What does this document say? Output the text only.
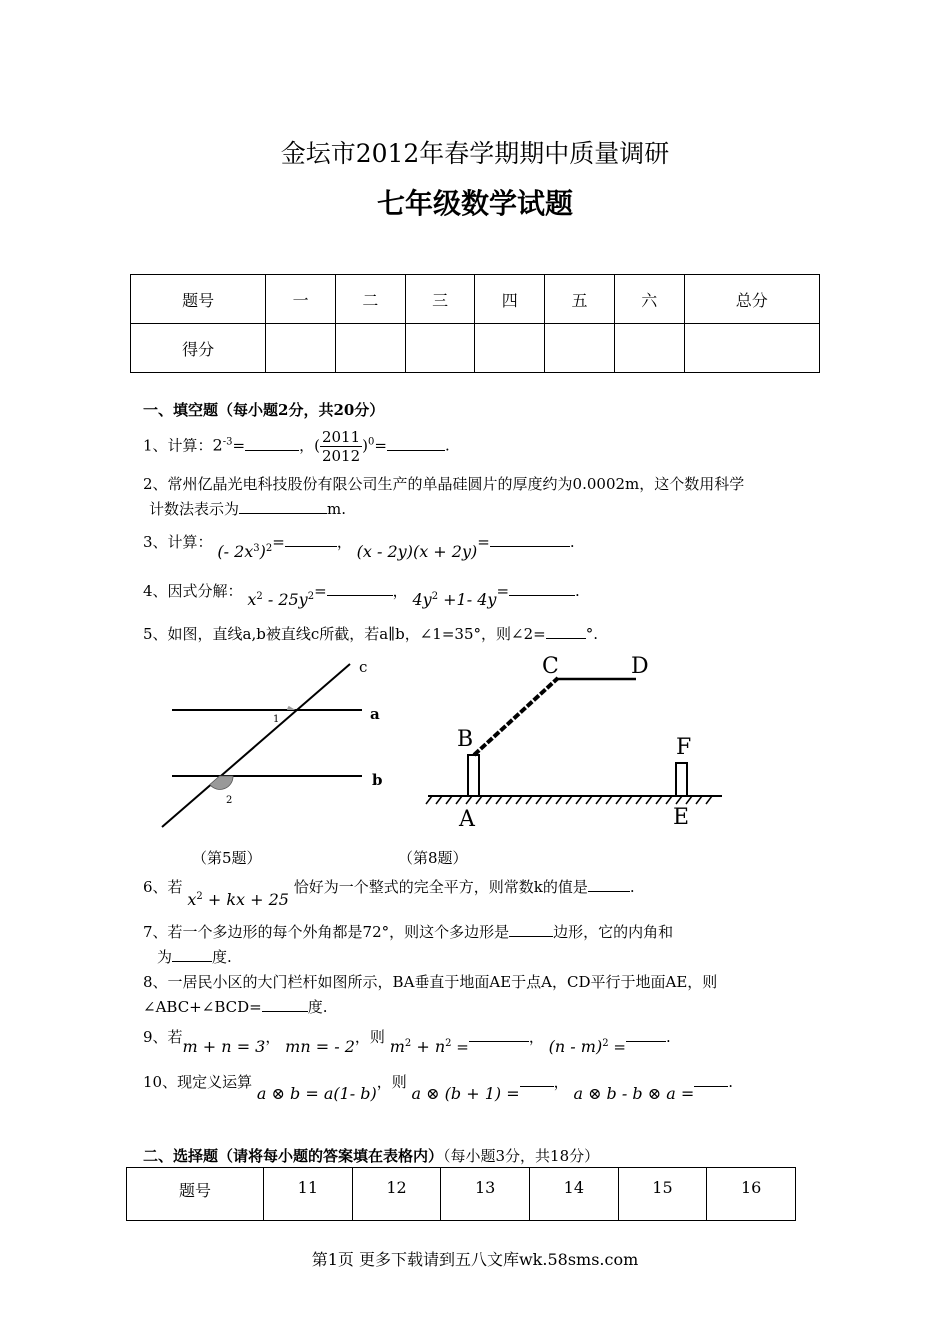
金坛市2012年春学期期中质量调研
七年级数学试题
题号	一	二	三	四	五	六	总分
得分							
一、填空题（每小题2分，共20分）
1、计算：$2^{-3}=$	，( $\frac{2011}{2012} )^0=$	.
2、常州亿晶光电科技股份有限公司生产的单晶硅圆片的厚度约为0.0002m，这个数用科学
计数法表示为	m.
3、计算： (- $2x^3)^2=$	， (x - 2y)(x + 2y)=	.
4、因式分解： $x^2 - 25y^2=$	， $4y^2 +1-$ 4y=	.
5、如图，直线a,b被直线c所截，若a∥b，∠1=35°，则∠2=	°.
c
a
b
1
2
B
C	D
A	E
F
（第5题）	（第8题）
6、若 $x^2$ + kx + 25 恰好为一个整式的完全平方，则常数k的值是	.
7、若一个多边形的每个外角都是72°，则这个多边形是	边形，它的内角和
为	度.
8、一居民小区的大门栏杆如图所示，BA垂直于地面AE于点A，CD平行于地面AE，则
∠ABC+∠BCD=	度.
9、若m + n = 3， mn = - 2，则 $m^2 + n^2$ =， (n - m)$^2$ =.
10、现定义运算 a ⊗ b = a(1- b)，则 a ⊗ (b + 1) =， a ⊗ b - b ⊗ a =.
二、选择题（请将每小题的答案填在表格内）（每小题3分，共18分）
题号	11	12	13	14	15	16
第1页 更多下载请到五八文库wk.58sms.com
